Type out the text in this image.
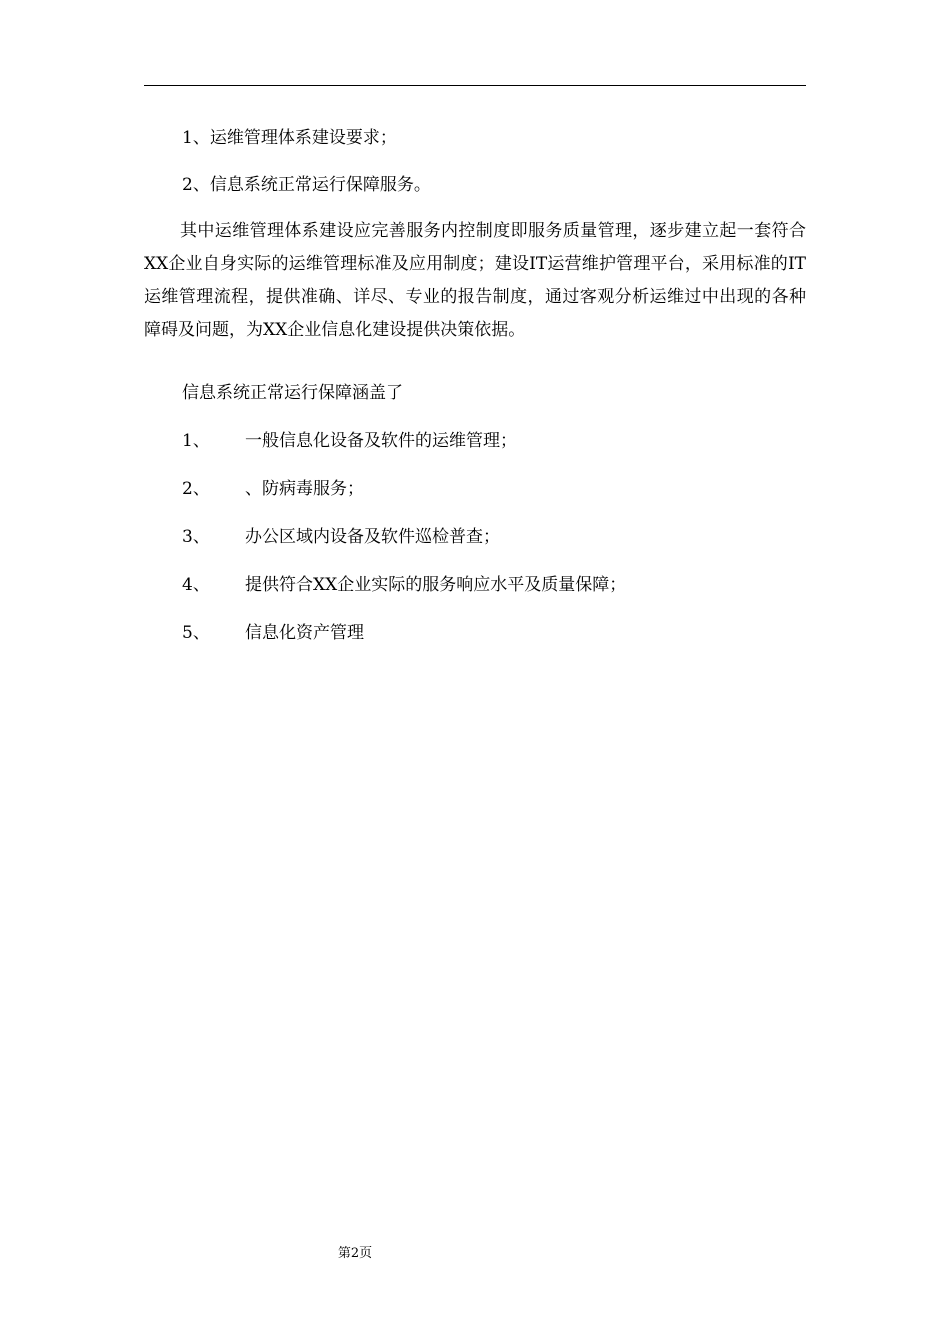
1、运维管理体系建设要求；
2、信息系统正常运行保障服务。
其中运维管理体系建设应完善服务内控制度即服务质量管理，逐步建立起一套符合XX企业自身实际的运维管理标准及应用制度；建设IT运营维护管理平台，采用标准的IT运维管理流程，提供准确、详尽、专业的报告制度，通过客观分析运维过中出现的各种障碍及问题，为XX企业信息化建设提供决策依据。
信息系统正常运行保障涵盖了
1、 一般信息化设备及软件的运维管理；
2、 、防病毒服务；
3、 办公区域内设备及软件巡检普查；
4、 提供符合XX企业实际的服务响应水平及质量保障；
5、 信息化资产管理
第2页
